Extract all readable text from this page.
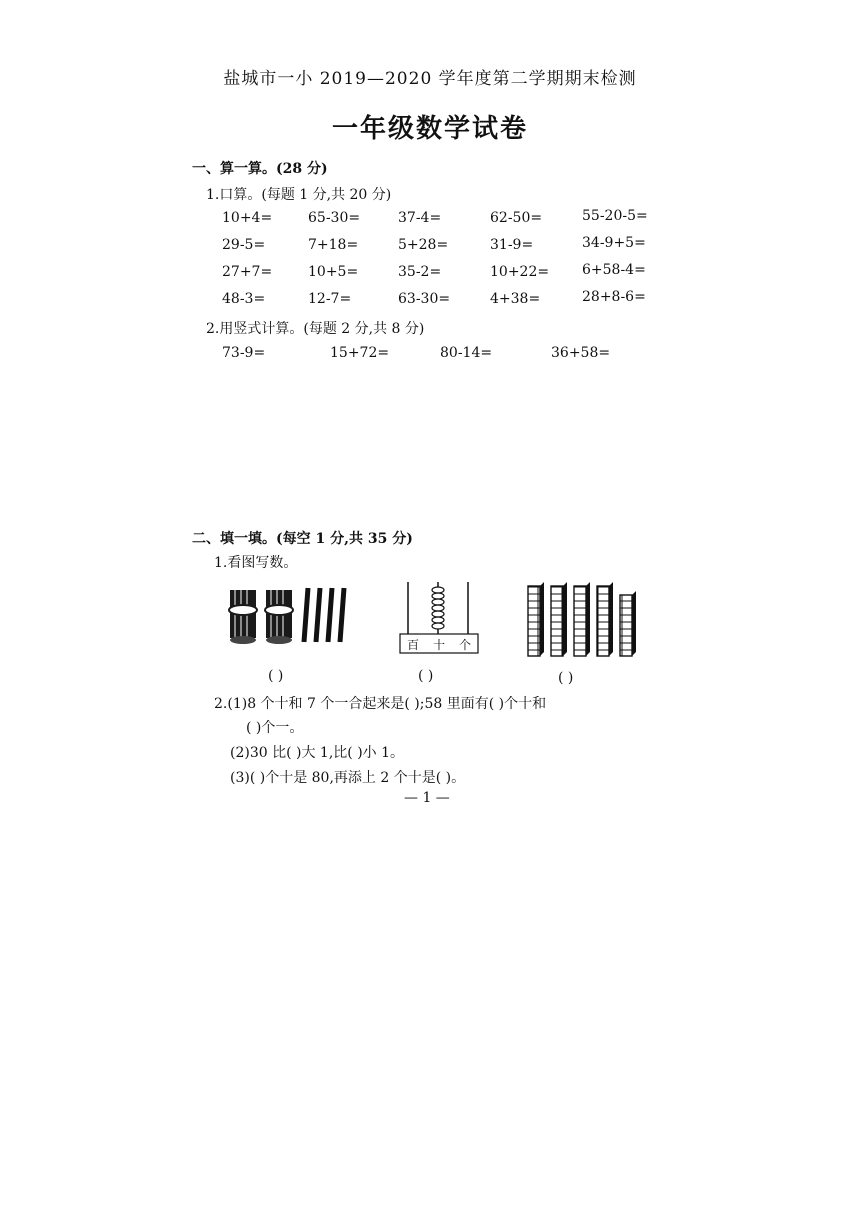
盐城市一小 2019—2020 学年度第二学期期末检测
一年级数学试卷
一、算一算。(28 分)
1.口算。(每题 1 分,共 20 分)
10+4=	65-30=	37-4=	62-50=	55-20-5=
29-5=	7+18=	5+28=	31-9=	34-9+5=
27+7=	10+5=	35-2=	10+22= 6+58-4=
48-3=	12-7=	63-30=	4+38=	28+8-6=
2.用竖式计算。(每题 2 分,共 8 分)
73-9=	15+72=	80-14=	36+58=
二、填一填。(每空 1 分,共 35 分)
1.看图写数。
百 十 个
( )	( )	( )
2.(1)8 个十和 7 个一合起来是( );58 里面有( )个十和
( )个一。
(2)30 比( )大 1,比( )小 1。
(3)( )个十是 80,再添上 2 个十是( )。
— 1 —
